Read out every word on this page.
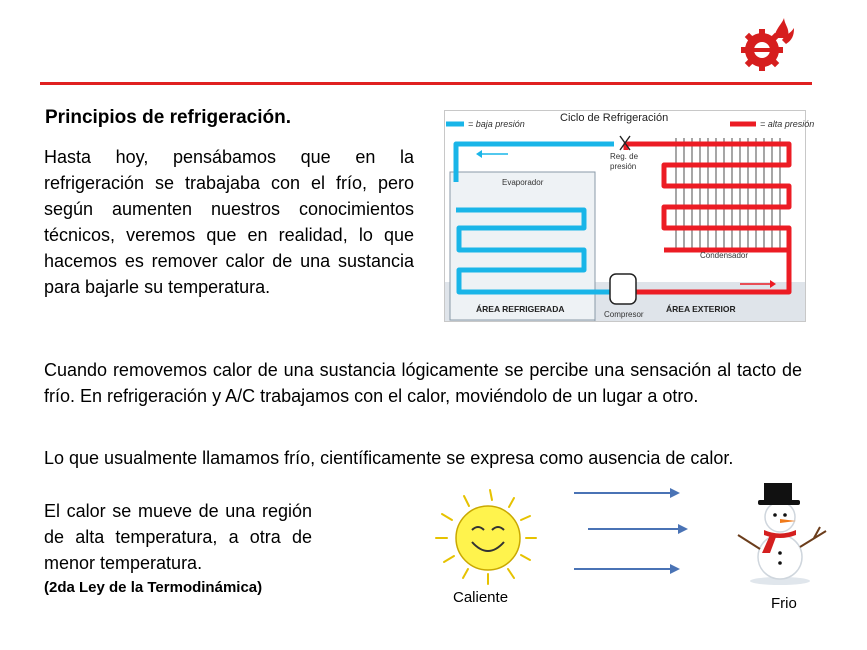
Principios de refrigeración.
Hasta hoy, pensábamos que en la refrigeración se trabajaba con el frío, pero según aumenten nuestros conocimientos técnicos, veremos que en realidad, lo que hacemos es remover calor de una sustancia para bajarle su temperatura.
= baja presión	Ciclo de Refrigeración	= alta presión
Reg. de
presión
Evaporador
Condensador
Compresor
ÁREA REFRIGERADA	ÁREA EXTERIOR
Cuando removemos calor de una sustancia lógicamente se percibe una sensación al tacto de frío. En refrigeración y A/C trabajamos con el calor, moviéndolo de un lugar a otro.
Lo que usualmente llamamos frío, científicamente se expresa como ausencia de calor.
El calor se mueve de una región de alta temperatura, a otra de menor temperatura.
(2da Ley de la Termodinámica)
Caliente	Frio
